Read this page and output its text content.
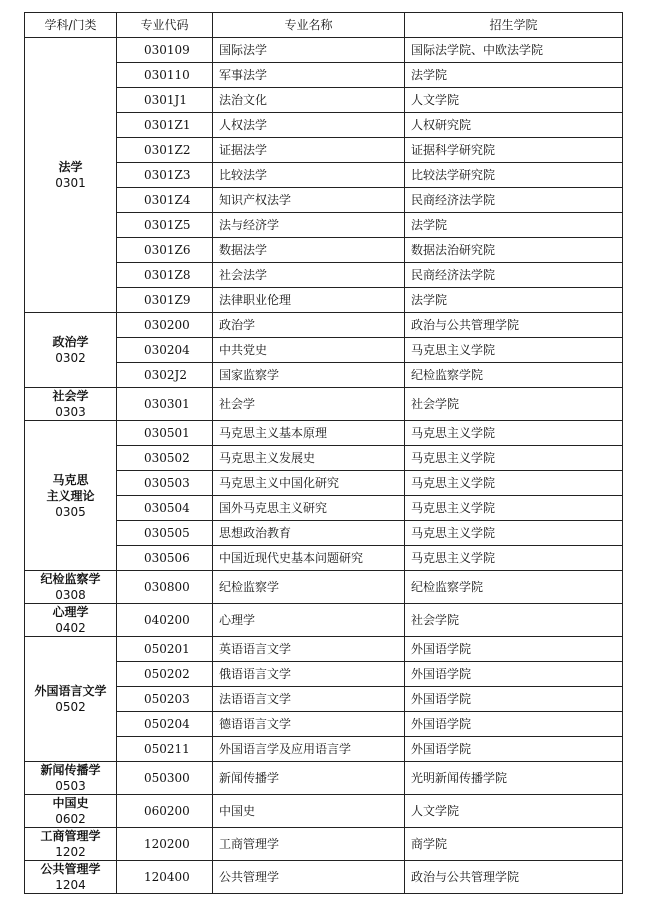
学科/门类	专业代码	专业名称	招生学院

法学
0301	030109	国际法学	国际法学院、中欧法学院
	030110	军事法学	法学院
	0301J1	法治文化	人文学院
	0301Z1	人权法学	人权研究院
	0301Z2	证据法学	证据科学研究院
	0301Z3	比较法学	比较法学研究院
	0301Z4	知识产权法学	民商经济法学院
	0301Z5	法与经济学	法学院
	0301Z6	数据法学	数据法治研究院
	0301Z8	社会法学	民商经济法学院
	0301Z9	法律职业伦理	法学院

政治学
0302	030200	政治学	政治与公共管理学院
	030204	中共党史	马克思主义学院
	0302J2	国家监察学	纪检监察学院

社会学
0303	030301	社会学	社会学院

马克思
主义理论
0305	030501	马克思主义基本原理	马克思主义学院
	030502	马克思主义发展史	马克思主义学院
	030503	马克思主义中国化研究	马克思主义学院
	030504	国外马克思主义研究	马克思主义学院
	030505	思想政治教育	马克思主义学院
	030506	中国近现代史基本问题研究	马克思主义学院

纪检监察学
0308	030800	纪检监察学	纪检监察学院

心理学
0402	040200	心理学	社会学院

外国语言文学
0502	050201	英语语言文学	外国语学院
	050202	俄语语言文学	外国语学院
	050203	法语语言文学	外国语学院
	050204	德语语言文学	外国语学院
	050211	外国语言学及应用语言学	外国语学院

新闻传播学
0503	050300	新闻传播学	光明新闻传播学院

中国史
0602	060200	中国史	人文学院

工商管理学
1202	120200	工商管理学	商学院

公共管理学
1204	120400	公共管理学	政治与公共管理学院
